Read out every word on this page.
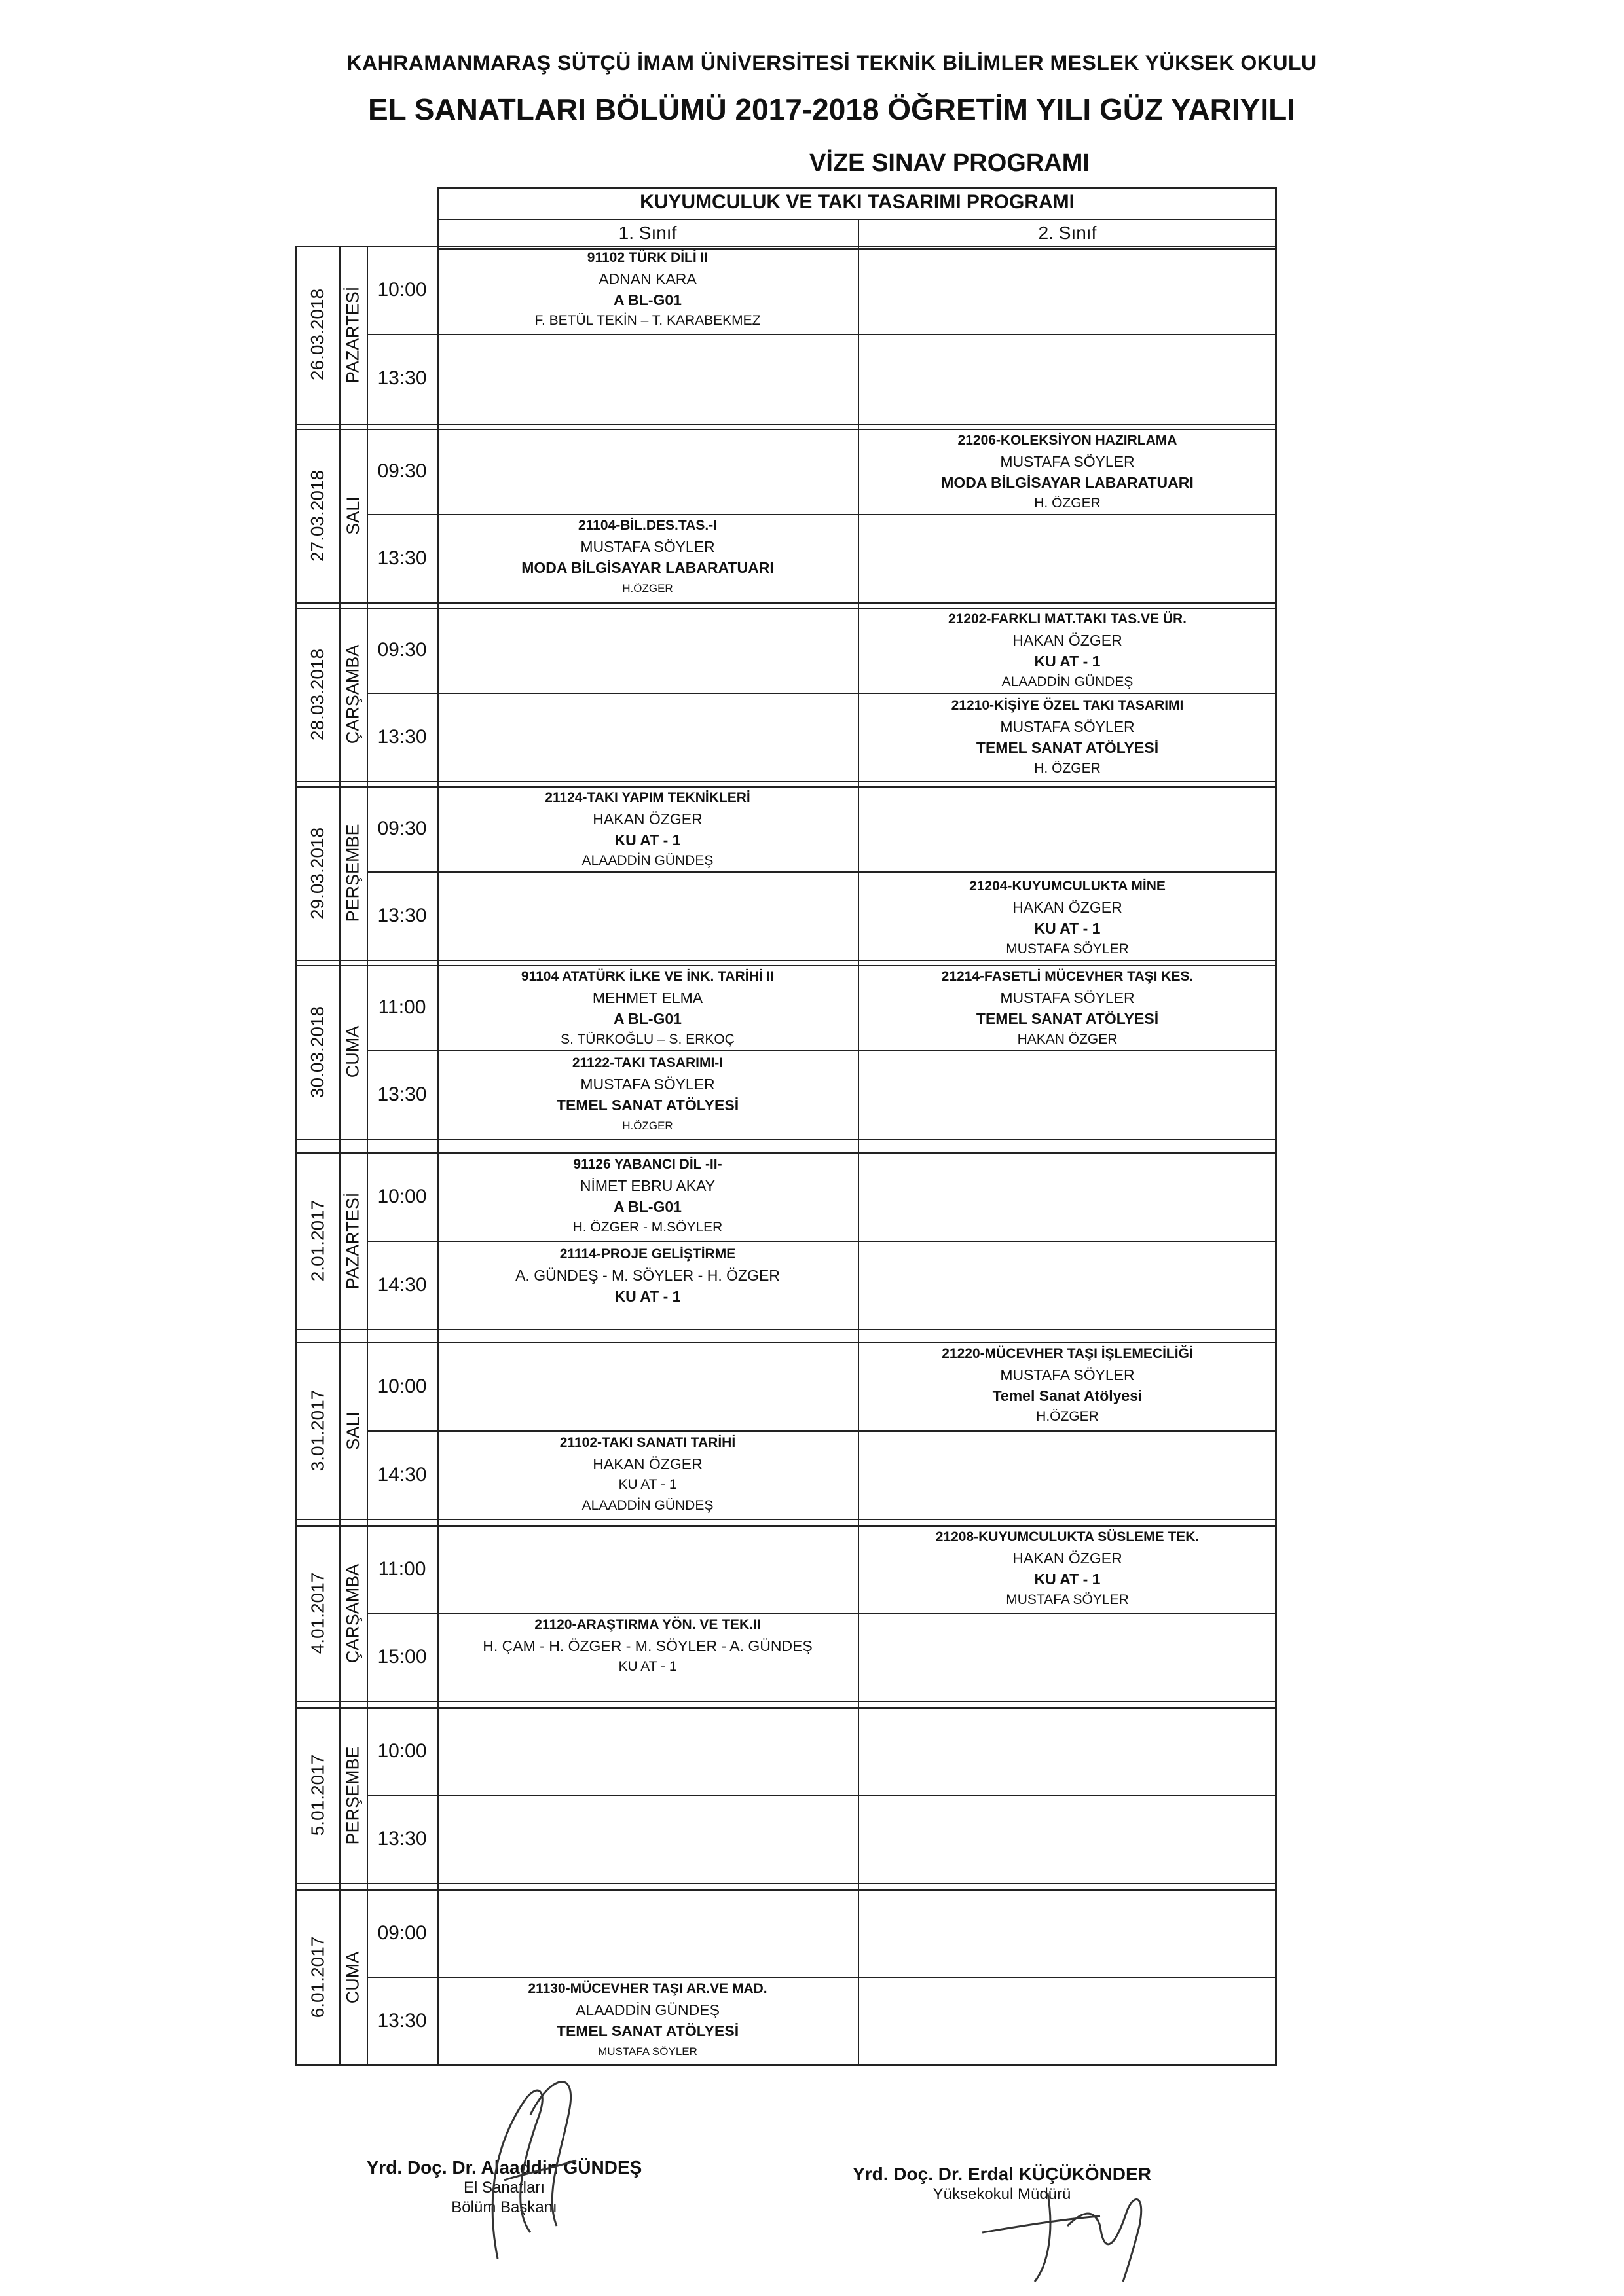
KAHRAMANMARAŞ SÜTÇÜ İMAM ÜNİVERSİTESİ TEKNİK BİLİMLER MESLEK YÜKSEK OKULU
EL SANATLARI BÖLÜMÜ 2017-2018 ÖĞRETİM YILI GÜZ YARIYILI
VİZE SINAV PROGRAMI
KUYUMCULUK VE TAKI TASARIMI PROGRAMI
1. Sınıf	2. Sınıf
26.03.2018 PAZARTESİ 10:00
13:30
27.03.2018 SALI
09:30
13:30
28.03.2018 ÇARŞAMBA 09:30
13:30
29.03.2018 PERŞEMBE 09:30
13:30
30.03.2018 CUMA
11:00
13:30
2.01.2017 PAZARTESİ 10:00
14:30
3.01.2017 SALI
10:00
14:30
4.01.2017 ÇARŞAMBA 11:00
15:00
5.01.2017 PERŞEMBE 10:00
13:30
6.01.2017 CUMA
09:00
13:30
91102 TÜRK DİLİ II
ADNAN KARA
A BL-G01
F. BETÜL TEKİN – T. KARABEKMEZ
21206-KOLEKSİYON HAZIRLAMA
MUSTAFA SÖYLER
MODA BİLGİSAYAR LABARATUARI
H. ÖZGER
21104-BİL.DES.TAS.-I
MUSTAFA SÖYLER
MODA BİLGİSAYAR LABARATUARI
H.ÖZGER
21202-FARKLI MAT.TAKI TAS.VE ÜR.
HAKAN ÖZGER
KU AT - 1
ALAADDİN GÜNDEŞ
21210-KİŞİYE ÖZEL TAKI TASARIMI
MUSTAFA SÖYLER
TEMEL SANAT ATÖLYESİ
H. ÖZGER
21124-TAKI YAPIM TEKNİKLERİ
HAKAN ÖZGER
KU AT - 1
ALAADDİN GÜNDEŞ
21204-KUYUMCULUKTA MİNE
HAKAN ÖZGER
KU AT - 1
MUSTAFA SÖYLER
91104 ATATÜRK İLKE VE İNK. TARİHİ II
MEHMET ELMA
A BL-G01
S. TÜRKOĞLU – S. ERKOÇ
21214-FASETLİ MÜCEVHER TAŞI KES.
MUSTAFA SÖYLER
TEMEL SANAT ATÖLYESİ
HAKAN ÖZGER
21122-TAKI TASARIMI-I
MUSTAFA SÖYLER
TEMEL SANAT ATÖLYESİ
H.ÖZGER
91126 YABANCI DİL -II-
NİMET EBRU AKAY
A BL-G01
H. ÖZGER - M.SÖYLER
21114-PROJE GELİŞTİRME
A. GÜNDEŞ - M. SÖYLER - H. ÖZGER
KU AT - 1
21220-MÜCEVHER TAŞI İŞLEMECİLİĞİ
MUSTAFA SÖYLER
Temel Sanat Atölyesi
H.ÖZGER
21102-TAKI SANATI TARİHİ
HAKAN ÖZGER
KU AT - 1
ALAADDİN GÜNDEŞ
21208-KUYUMCULUKTA SÜSLEME TEK.
HAKAN ÖZGER
KU AT - 1
MUSTAFA SÖYLER
21120-ARAŞTIRMA YÖN. VE TEK.II
H. ÇAM - H. ÖZGER - M. SÖYLER - A. GÜNDEŞ
KU AT - 1
21130-MÜCEVHER TAŞI AR.VE MAD.
ALAADDİN GÜNDEŞ
TEMEL SANAT ATÖLYESİ
MUSTAFA SÖYLER
Yrd. Doç. Dr. Alaaddin GÜNDEŞ
El Sanatları
Bölüm Başkanı
Yrd. Doç. Dr. Erdal KÜÇÜKÖNDER
Yüksekokul Müdürü
